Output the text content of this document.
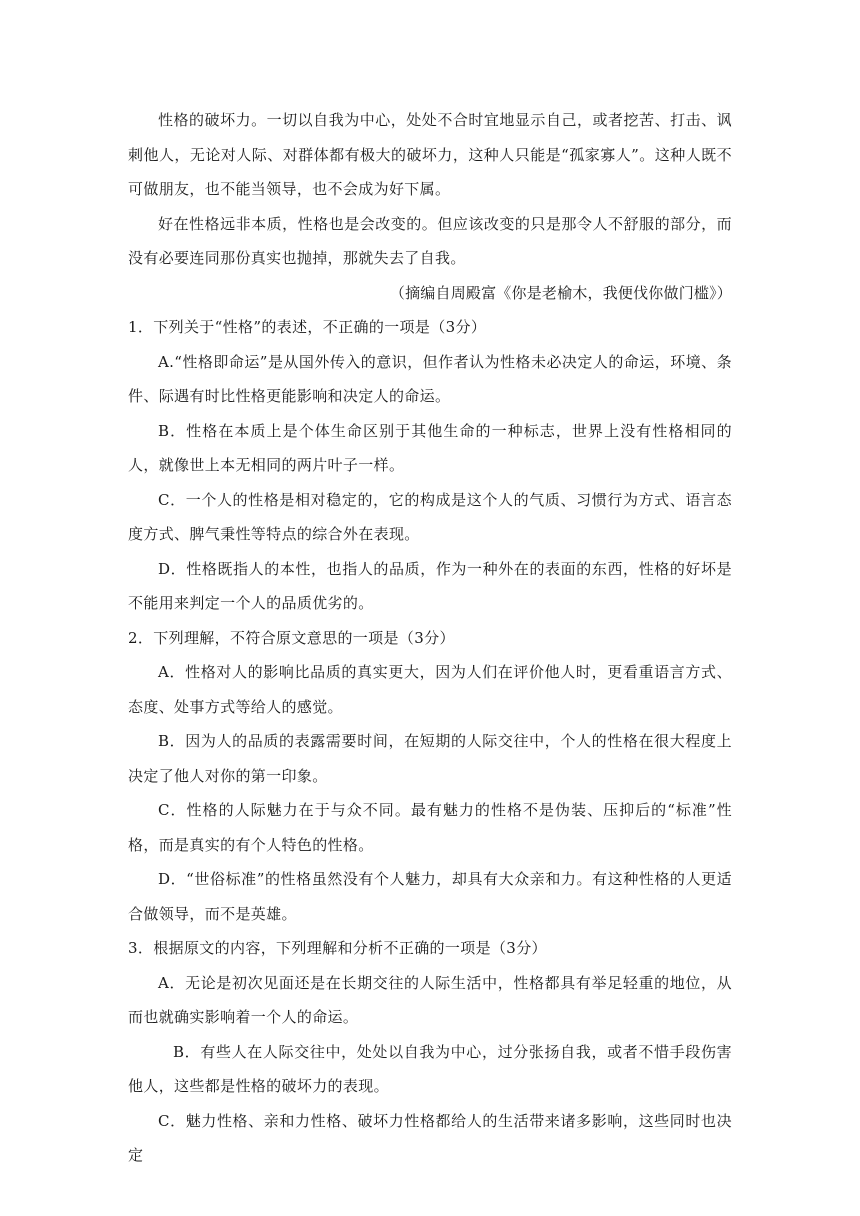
性格的破坏力。一切以自我为中心，处处不合时宜地显示自己，或者挖苦、打击、讽刺他人，无论对人际、对群体都有极大的破坏力，这种人只能是“孤家寡人”。这种人既不可做朋友，也不能当领导，也不会成为好下属。

好在性格远非本质，性格也是会改变的。但应该改变的只是那令人不舒服的部分，而没有必要连同那份真实也抛掉，那就失去了自我。

（摘编自周殿富《你是老榆木，我便伐你做门槛》）

1．下列关于“性格”的表述，不正确的一项是（3分）

A.“性格即命运”是从国外传入的意识，但作者认为性格未必决定人的命运，环境、条件、际遇有时比性格更能影响和决定人的命运。

B．性格在本质上是个体生命区别于其他生命的一种标志，世界上没有性格相同的人，就像世上本无相同的两片叶子一样。

C．一个人的性格是相对稳定的，它的构成是这个人的气质、习惯行为方式、语言态度方式、脾气秉性等特点的综合外在表现。

D．性格既指人的本性，也指人的品质，作为一种外在的表面的东西，性格的好坏是不能用来判定一个人的品质优劣的。

2．下列理解，不符合原文意思的一项是（3分）

A．性格对人的影响比品质的真实更大，因为人们在评价他人时，更看重语言方式、态度、处事方式等给人的感觉。

B．因为人的品质的表露需要时间，在短期的人际交往中，个人的性格在很大程度上决定了他人对你的第一印象。

C．性格的人际魅力在于与众不同。最有魅力的性格不是伪装、压抑后的“标准”性格，而是真实的有个人特色的性格。

D．“世俗标准”的性格虽然没有个人魅力，却具有大众亲和力。有这种性格的人更适合做领导，而不是英雄。

3．根据原文的内容，下列理解和分析不正确的一项是（3分）

A．无论是初次见面还是在长期交往的人际生活中，性格都具有举足轻重的地位，从而也就确实影响着一个人的命运。

B．有些人在人际交往中，处处以自我为中心，过分张扬自我，或者不惜手段伤害他人，这些都是性格的破坏力的表现。

C．魅力性格、亲和力性格、破坏力性格都给人的生活带来诸多影响，这些同时也决定
